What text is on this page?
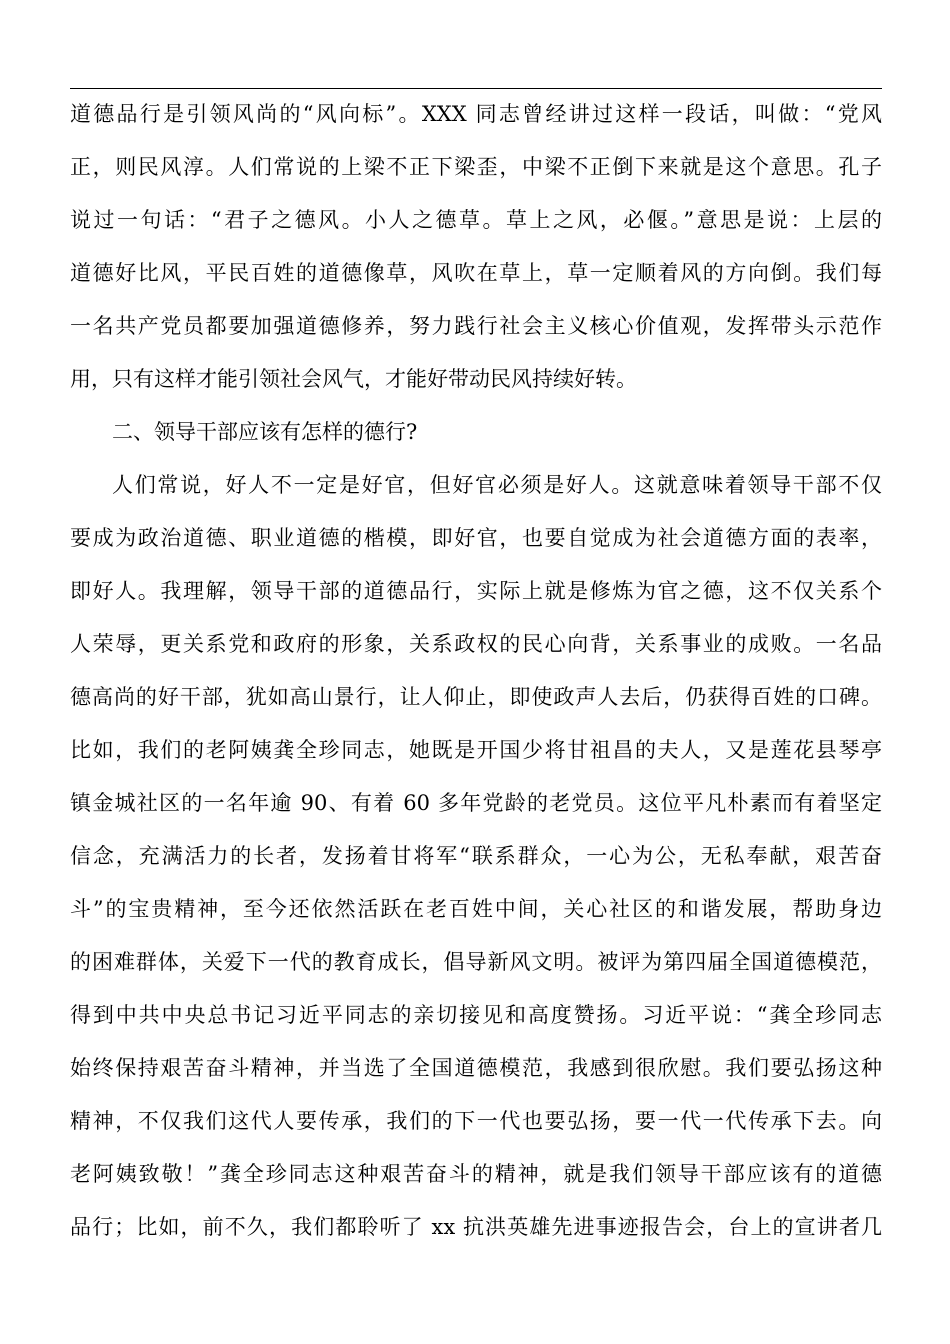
道德品行是引领风尚的“风向标”。XXX 同志曾经讲过这样一段话，叫做：“党风
正，则民风淳。人们常说的上梁不正下梁歪，中梁不正倒下来就是这个意思。孔子
说过一句话：“君子之德风。小人之德草。草上之风，必偃。”意思是说：上层的
道德好比风，平民百姓的道德像草，风吹在草上，草一定顺着风的方向倒。我们每
一名共产党员都要加强道德修养，努力践行社会主义核心价值观，发挥带头示范作
用，只有这样才能引领社会风气，才能好带动民风持续好转。
二、领导干部应该有怎样的德行?
人们常说，好人不一定是好官，但好官必须是好人。这就意味着领导干部不仅
要成为政治道德、职业道德的楷模，即好官，也要自觉成为社会道德方面的表率，
即好人。我理解，领导干部的道德品行，实际上就是修炼为官之德，这不仅关系个
人荣辱，更关系党和政府的形象，关系政权的民心向背，关系事业的成败。一名品
德高尚的好干部，犹如高山景行，让人仰止，即使政声人去后，仍获得百姓的口碑。
比如，我们的老阿姨龚全珍同志，她既是开国少将甘祖昌的夫人，又是莲花县琴亭
镇金城社区的一名年逾 90、有着 60 多年党龄的老党员。这位平凡朴素而有着坚定
信念，充满活力的长者，发扬着甘将军“联系群众，一心为公，无私奉献，艰苦奋
斗”的宝贵精神，至今还依然活跃在老百姓中间，关心社区的和谐发展，帮助身边
的困难群体，关爱下一代的教育成长，倡导新风文明。被评为第四届全国道德模范，
得到中共中央总书记习近平同志的亲切接见和高度赞扬。习近平说：“龚全珍同志
始终保持艰苦奋斗精神，并当选了全国道德模范，我感到很欣慰。我们要弘扬这种
精神，不仅我们这代人要传承，我们的下一代也要弘扬，要一代一代传承下去。向
老阿姨致敬！”龚全珍同志这种艰苦奋斗的精神，就是我们领导干部应该有的道德
品行；比如，前不久，我们都聆听了 xx 抗洪英雄先进事迹报告会，台上的宣讲者几
